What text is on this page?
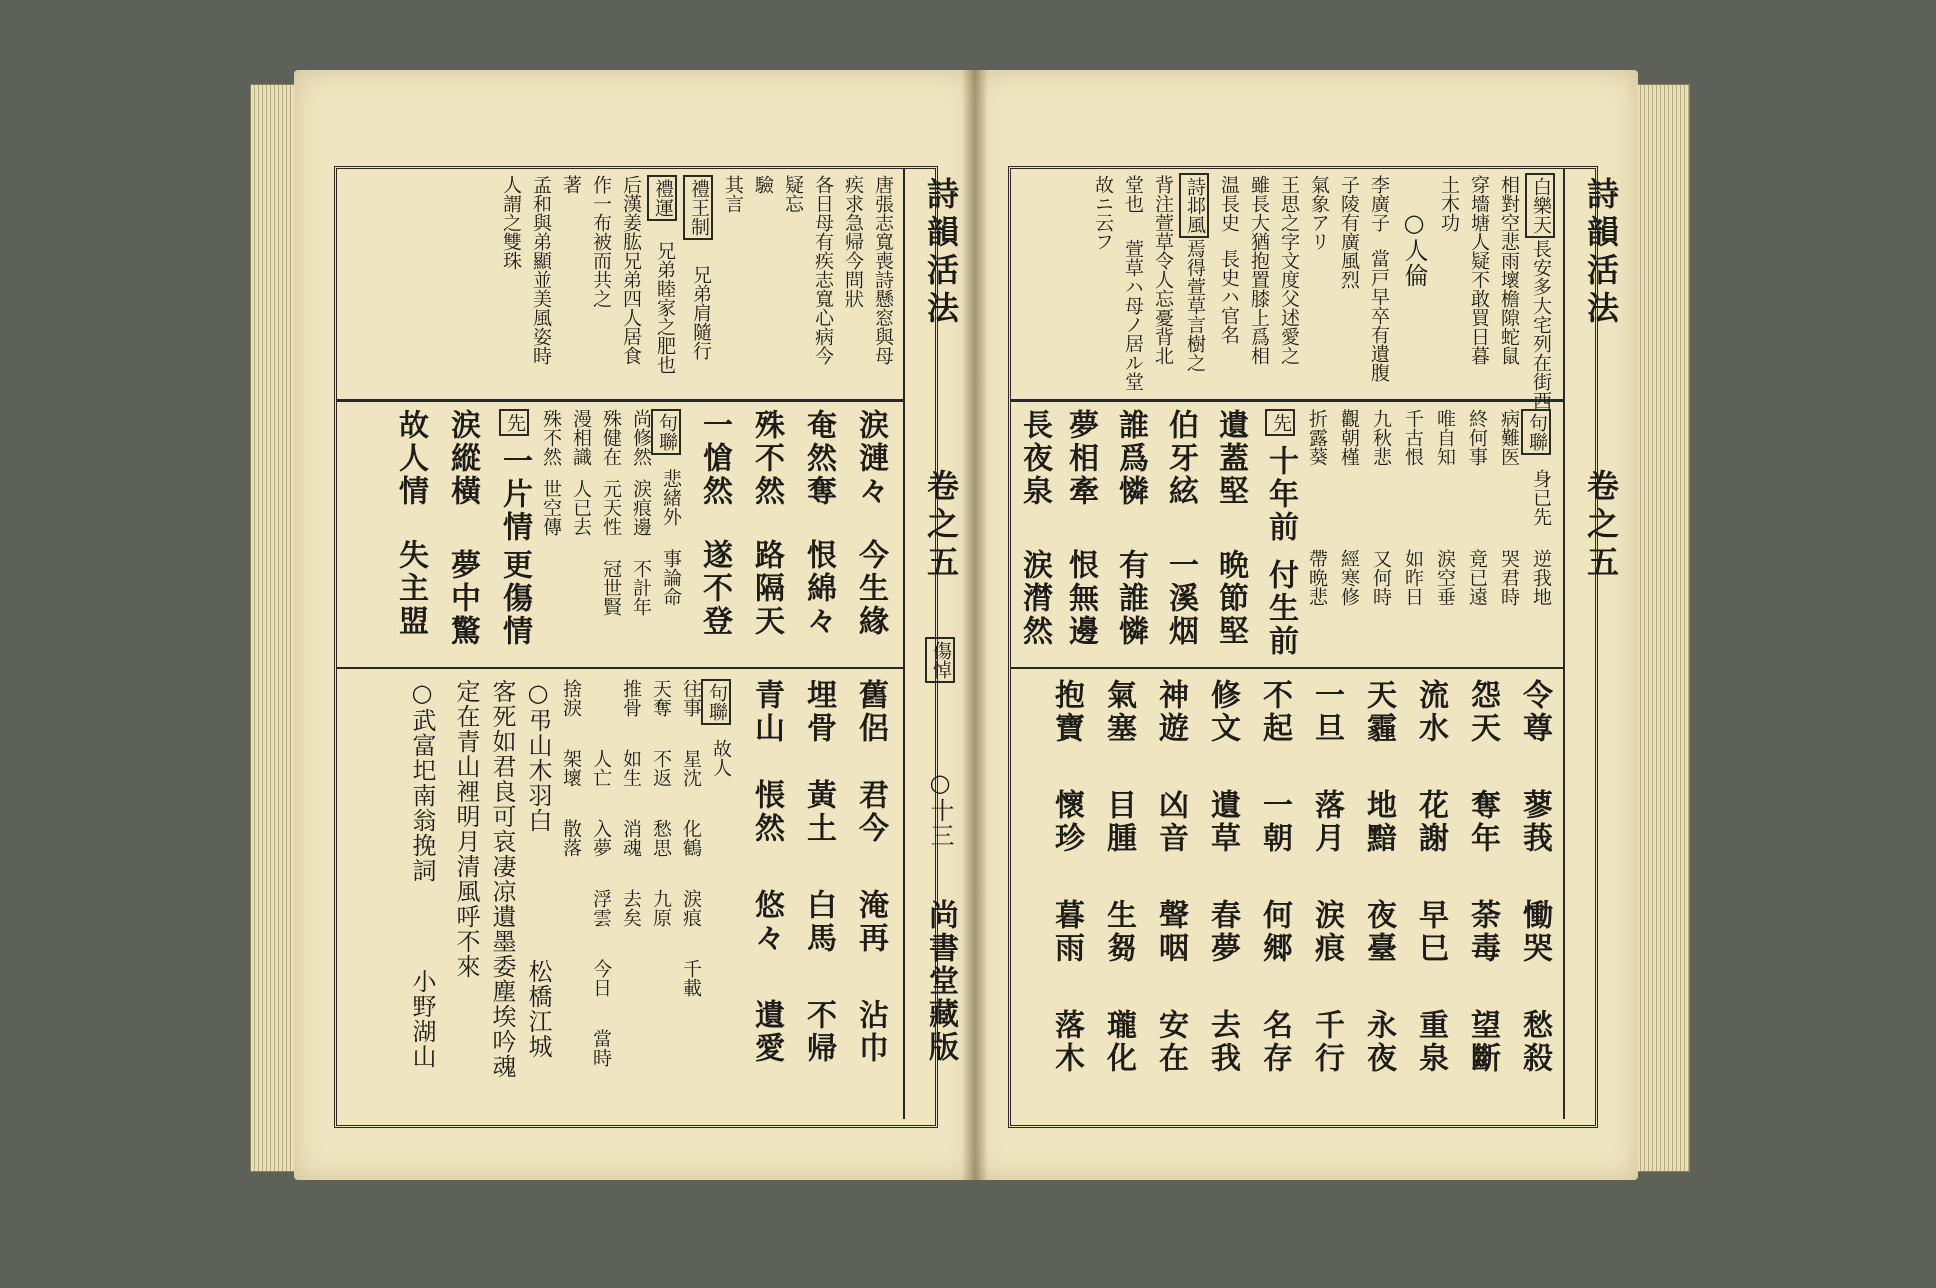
詩韻活法
卷之五
傷悼
○十三
尚書堂藏版
唐張志寬喪詩懸窓與母
疾求急帰今問狀
各日母有疾志寬心病今
疑忘
驗
其言
禮王制
兄弟肩隨行
禮運
兄弟睦家之肥也
后漢姜肱兄弟四人居食
作一布被而共之
著
孟和與弟顯並美風姿時
人謂之雙珠
涙漣々
今生緣
奄然奪
恨綿々
殊不然
路隔天
一愴然
遂不登
句聯
悲緒外
事論命
尚修然
涙痕邊
不計年
殊健在
元天性
冠世賢
漫相識
人已去
殊不然
世空傳
先
一片情
更傷情
夢中驚
涙縱橫
故人情
失主盟
舊侶
君今
淹再
沾巾
埋骨
黃土
白馬
不帰
青山
悵然
悠々
遺愛
句聯
故人
往事
星沈
化鶴
涙痕
千載
天奪
不返
愁思
九原
推骨
如生
消魂
去矣
人亡
入夢
浮雲
今日
當時
捨淚
架壞
散落
○弔山木羽白
松橋江城
客死如君良可哀凄凉遺墨委塵埃吟魂
定在青山裡明月清風呼不來
○武富圯南翁挽詞
小野湖山
詩韻活法
卷之五
白樂天
長安多大宅列在街西
相對空悲雨壞檐隙蛇鼠
穿墻塘人疑不敢買日暮
土木功
○人倫
李廣子
當戸早卒有遺腹
子陵有廣風烈
氣象アリ
王思之字文度父述愛之
雖長大猶抱置膝上爲相
温長史
長史ハ官名
詩邶風
焉得萱草言樹之
背注萱草令人忘憂背北
堂也
萱草ハ母ノ居ル堂
故ニ云フ
句聯
身已先
逆我地
病難医
哭君時
終何事
竟已遠
唯自知
涙空垂
千古恨
如昨日
九秋悲
又何時
觀朝槿
經寒修
折露葵
帶晩悲
先
十年前
付生前
遺蓋堅
晩節堅
伯牙絃
一溪烟
誰爲憐
有誰憐
夢相牽
恨無邊
長夜泉
涙潸然
令尊
蓼莪
慟哭
愁殺
怨天
奪年
荼毒
望斷
流水
花謝
早巳
重泉
天霾
地黯
夜臺
永夜
一旦
落月
涙痕
千行
不起
一朝
何郷
名存
修文
遺草
春夢
去我
神遊
凶音
聲咽
安在
氣塞
目腫
生芻
瓏化
抱寶
懷珍
暮雨
落木
